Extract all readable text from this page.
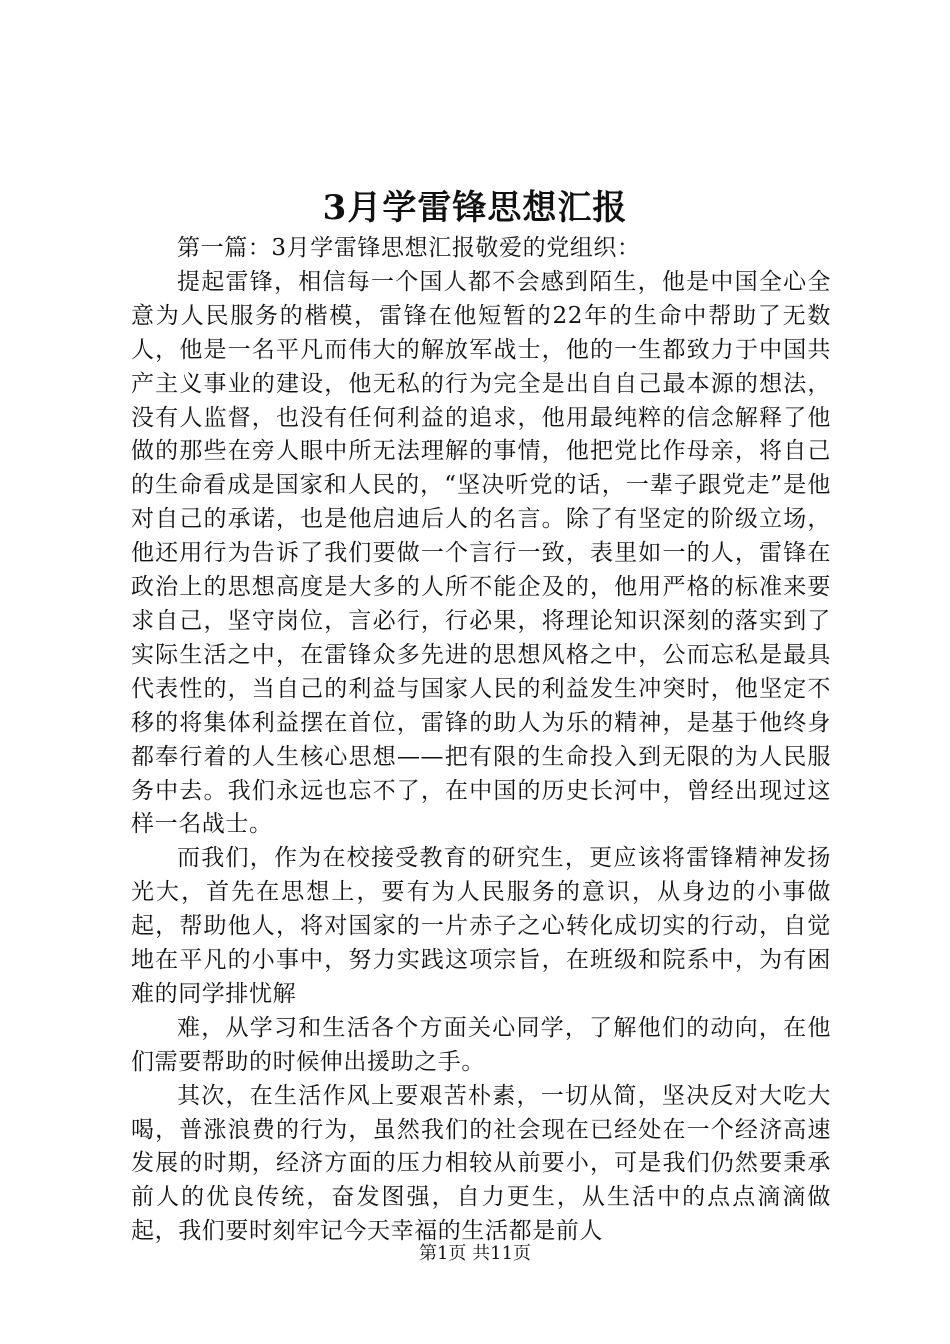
3月学雷锋思想汇报

第一篇：3月学雷锋思想汇报敬爱的党组织：

提起雷锋，相信每一个国人都不会感到陌生，他是中国全心全意为人民服务的楷模，雷锋在他短暂的22年的生命中帮助了无数人，他是一名平凡而伟大的解放军战士，他的一生都致力于中国共产主义事业的建设，他无私的行为完全是出自自己最本源的想法，没有人监督，也没有任何利益的追求，他用最纯粹的信念解释了他做的那些在旁人眼中所无法理解的事情，他把党比作母亲，将自己的生命看成是国家和人民的，“坚决听党的话，一辈子跟党走”是他对自己的承诺，也是他启迪后人的名言。除了有坚定的阶级立场，他还用行为告诉了我们要做一个言行一致，表里如一的人，雷锋在政治上的思想高度是大多的人所不能企及的，他用严格的标准来要求自己，坚守岗位，言必行，行必果，将理论知识深刻的落实到了实际生活之中，在雷锋众多先进的思想风格之中，公而忘私是最具代表性的，当自己的利益与国家人民的利益发生冲突时，他坚定不移的将集体利益摆在首位，雷锋的助人为乐的精神，是基于他终身都奉行着的人生核心思想——把有限的生命投入到无限的为人民服务中去。我们永远也忘不了，在中国的历史长河中，曾经出现过这样一名战士。

而我们，作为在校接受教育的研究生，更应该将雷锋精神发扬光大，首先在思想上，要有为人民服务的意识，从身边的小事做起，帮助他人，将对国家的一片赤子之心转化成切实的行动，自觉地在平凡的小事中，努力实践这项宗旨，在班级和院系中，为有困难的同学排忧解

难，从学习和生活各个方面关心同学，了解他们的动向，在他们需要帮助的时候伸出援助之手。

其次，在生活作风上要艰苦朴素，一切从简，坚决反对大吃大喝，普涨浪费的行为，虽然我们的社会现在已经处在一个经济高速发展的时期，经济方面的压力相较从前要小，可是我们仍然要秉承前人的优良传统，奋发图强，自力更生，从生活中的点点滴滴做起，我们要时刻牢记今天幸福的生活都是前人

第1页 共11页
